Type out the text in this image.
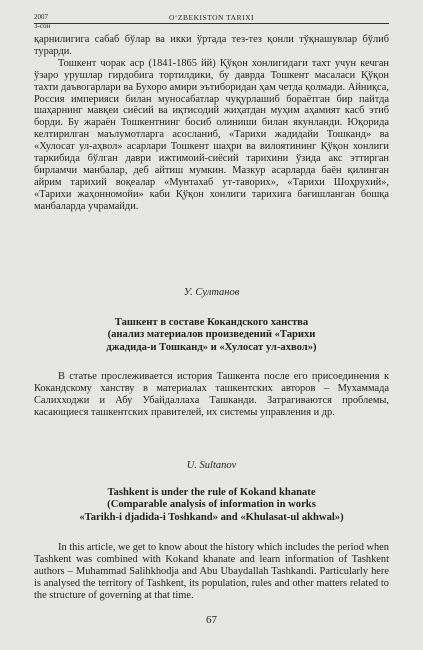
2007
3-сон
O‘ZBEKISTON TARIXI

қарнилигига сабаб бўлар ва икки ўртада тез-тез қонли тўқнашувлар бўлиб турарди.

Тошкент чорак аср (1841-1865 йй) Қўқон хонлигидаги тахт учун кечган ўзаро урушлар гирдобига тортилдики, бу даврда Тошкент масалаcи Қўқон тахти даъвогарлари ва Бухоро амири эътиборидан ҳам четда қолмади. Айниқса, Россия империяси билан муносабатлар чуқурлашиб бораётган бир пайтда шаҳарнинг мавқеи сиёсий ва иқтисодий жиҳатдан муҳим аҳамият касб этиб борди. Бу жараён Тошкентнинг босиб олиниши билан якунланди. Юқорида келтирилган маълумотларга асосланиб, «Тарихи жадидайи Тошканд» ва «Хулосат ул-аҳвол» асарлари Тошкент шаҳри ва вилоятининг Қўқон хонлиги таркибида бўлган даври ижтимоий-сиёсий тарихини ўзида акс эттирган бирламчи манбалар, деб айтиш мумкин. Мазкур асарларда баён қилинган айрим тарихий воқеалар «Мунтахаб ут-таворих», «Тарихи Шоҳрухий», «Тарихи жаҳонномойи» каби Қўқон хонлиги тарихига бағишланган бошқа манбаларда учрамайди.

У. Султанов
Ташкент в составе Кокандского ханства
(анализ материалов произведений «Тарихи
джадида-и Тошканд» и «Хулосат ул-ахвол»)
В статье прослеживается история Ташкента после его присоединения к Кокандскому ханству в материалах ташкентских авторов – Мухаммада Салихходжи и Абу Убайдаллаха Ташканди. Затрагиваются проблемы, касающиеся ташкентских правителей, их системы управления и др.
U. Sultanov
Tashkent is under the rule of Kokand khanate
(Comparable analysis of information in works
«Tarikh-i djadida-i Toshkand» and «Khulasat-ul akhwal»)
In this article, we get to know about the history which includes the period when Tashkent was combined with Kokand khanate and learn information of Tashkent authors – Muhammad Salihkhodja and Abu Ubaydallah Tashkandi. Particularly here is analysed the territory of Tashkent, its population, rules and other matters related to the structure of governing at that time.
67
